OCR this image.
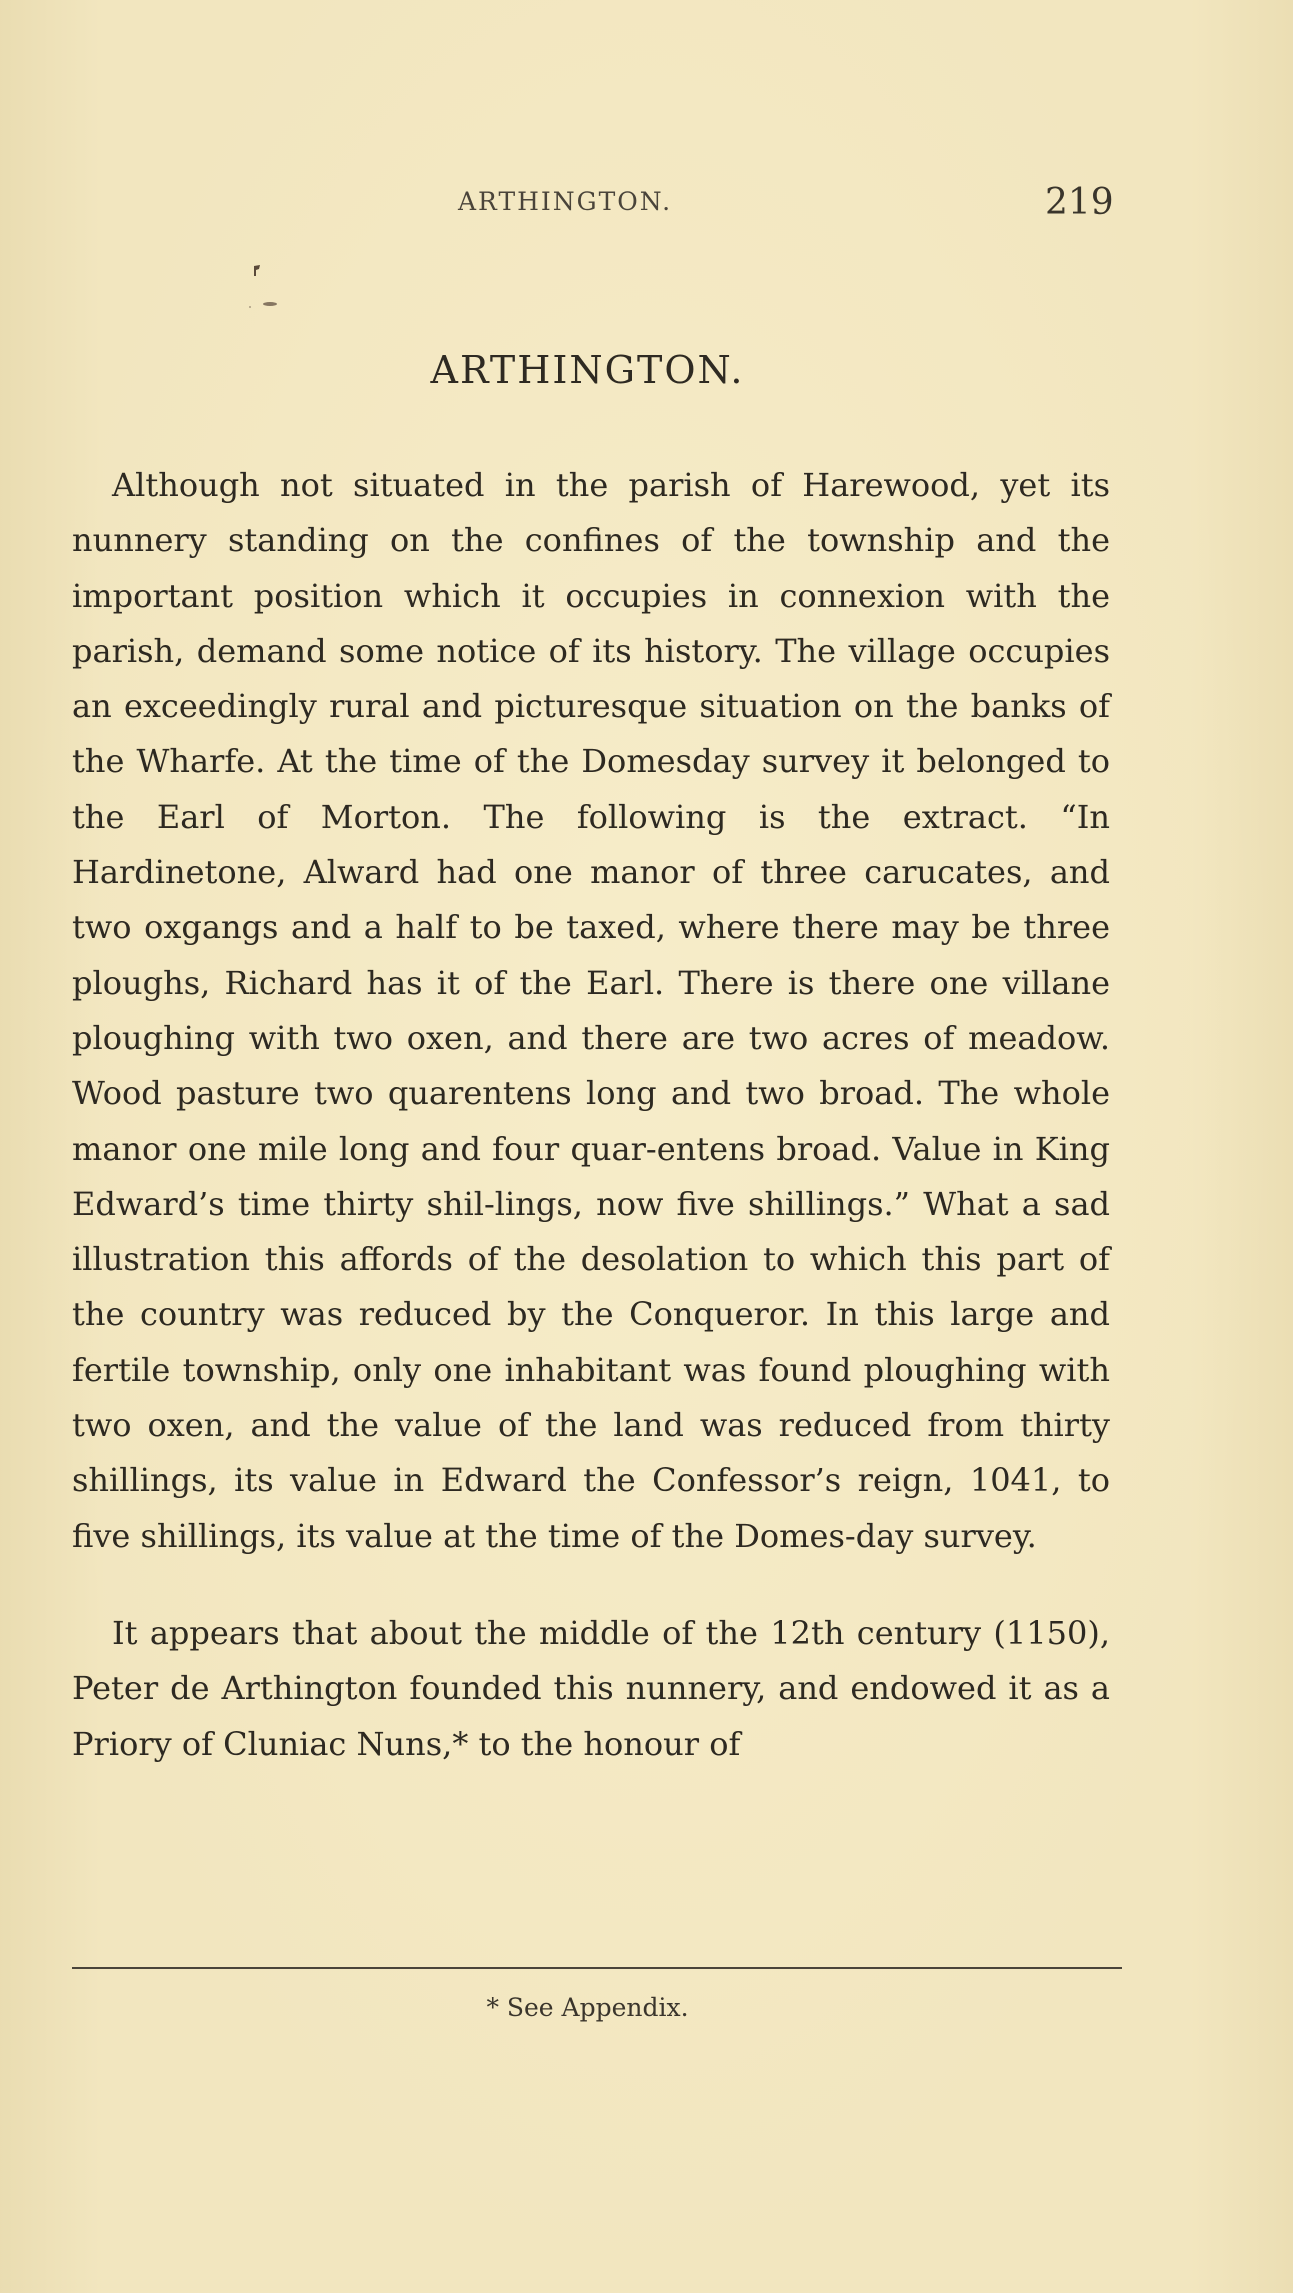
ARTHINGTON.	219
ARTHINGTON.

Although not situated in the parish of Harewood, yet its nunnery standing on the confines of the township and the important position which it occupies in connexion with the parish, demand some notice of its history. The village occupies an exceedingly rural and picturesque situation on the banks of the Wharfe. At the time of the Domesday survey it belonged to the Earl of Morton. The following is the extract. “In Hardinetone, Alward had one manor of three carucates, and two oxgangs and a half to be taxed, where there may be three ploughs, Richard has it of the Earl. There is there one villane ploughing with two oxen, and there are two acres of meadow. Wood pasture two quarentens long and two broad. The whole manor one mile long and four quar-entens broad. Value in King Edward’s time thirty shil-lings, now five shillings.” What a sad illustration this affords of the desolation to which this part of the country was reduced by the Conqueror. In this large and fertile township, only one inhabitant was found ploughing with two oxen, and the value of the land was reduced from thirty shillings, its value in Edward the Confessor’s reign, 1041, to five shillings, its value at the time of the Domes-day survey.

It appears that about the middle of the 12th century (1150), Peter de Arthington founded this nunnery, and endowed it as a Priory of Cluniac Nuns,* to the honour of

* See Appendix.
